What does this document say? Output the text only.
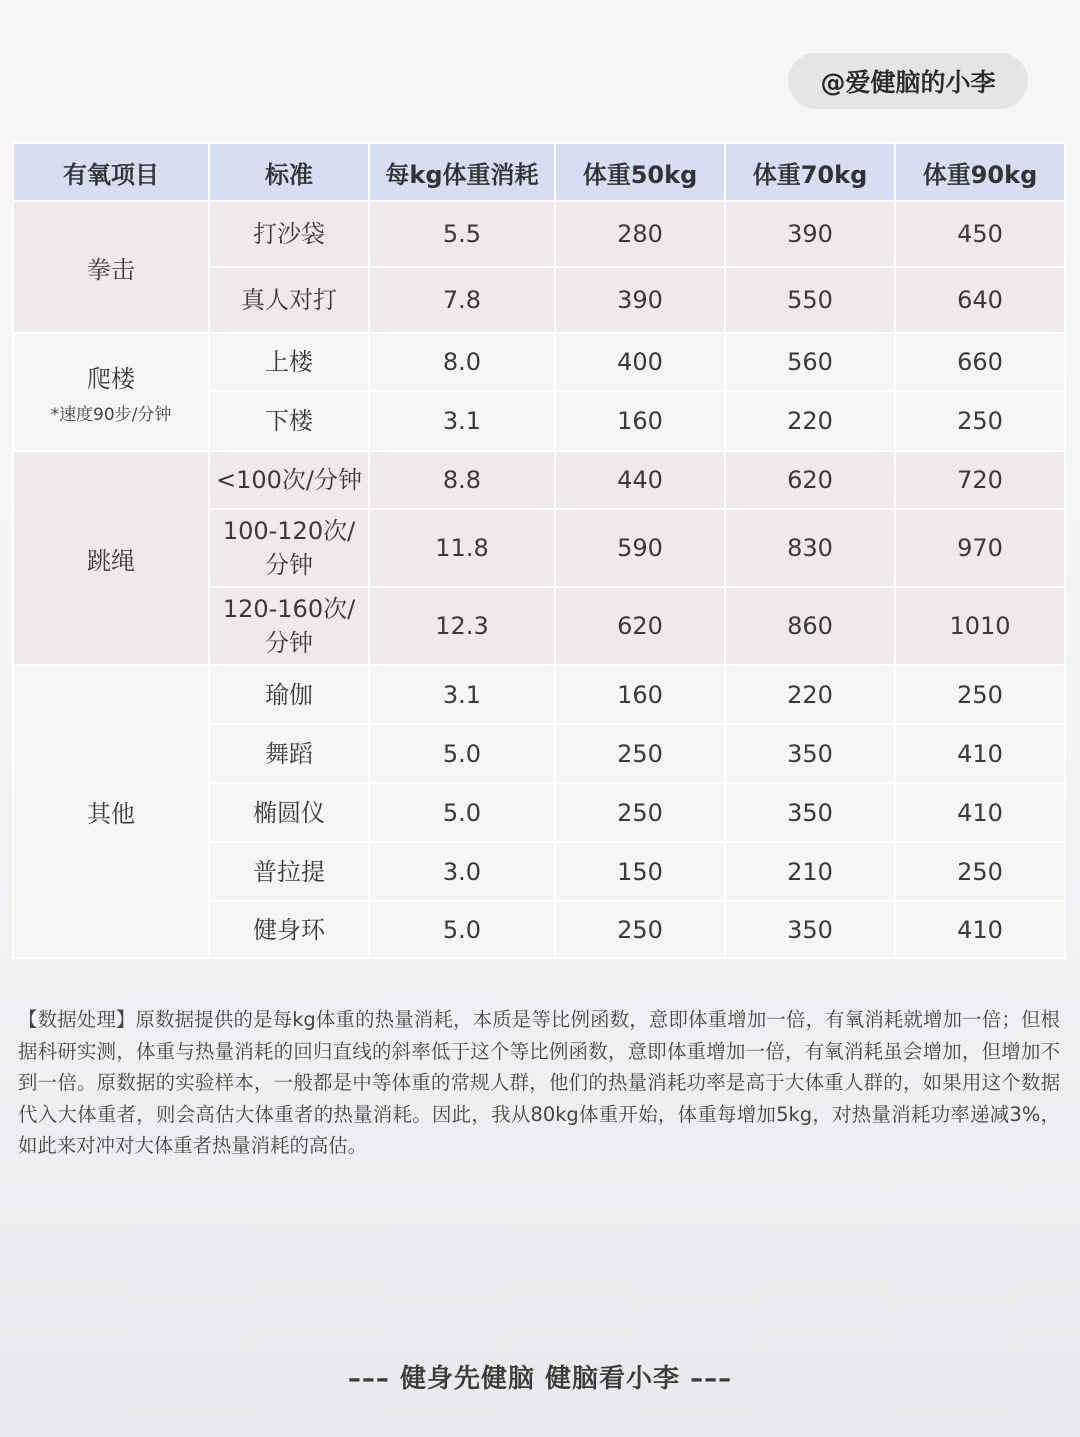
@爱健脑的小李
有氧项目	标准	每kg体重消耗	体重50kg	体重70kg	体重90kg
拳击	打沙袋	5.5	280	390	450
	真人对打	7.8	390	550	640
爬楼
*速度90步/分钟	上楼	8.0	400	560	660
	下楼	3.1	160	220	250
跳绳	<100次/分钟	8.8	440	620	720
	100-120次/分钟	11.8	590	830	970
	120-160次/分钟	12.3	620	860	1010
其他	瑜伽	3.1	160	220	250
	舞蹈	5.0	250	350	410
	椭圆仪	5.0	250	350	410
	普拉提	3.0	150	210	250
	健身环	5.0	250	350	410

【数据处理】原数据提供的是每kg体重的热量消耗，本质是等比例函数，意即体重增加一倍，有氧消耗就增加一倍；但根据科研实测，体重与热量消耗的回归直线的斜率低于这个等比例函数，意即体重增加一倍，有氧消耗虽会增加，但增加不到一倍。原数据的实验样本，一般都是中等体重的常规人群，他们的热量消耗功率是高于大体重人群的，如果用这个数据代入大体重者，则会高估大体重者的热量消耗。因此，我从80kg体重开始，体重每增加5kg，对热量消耗功率递减3%，如此来对冲对大体重者热量消耗的高估。

––– 健身先健脑 健脑看小李 –––
